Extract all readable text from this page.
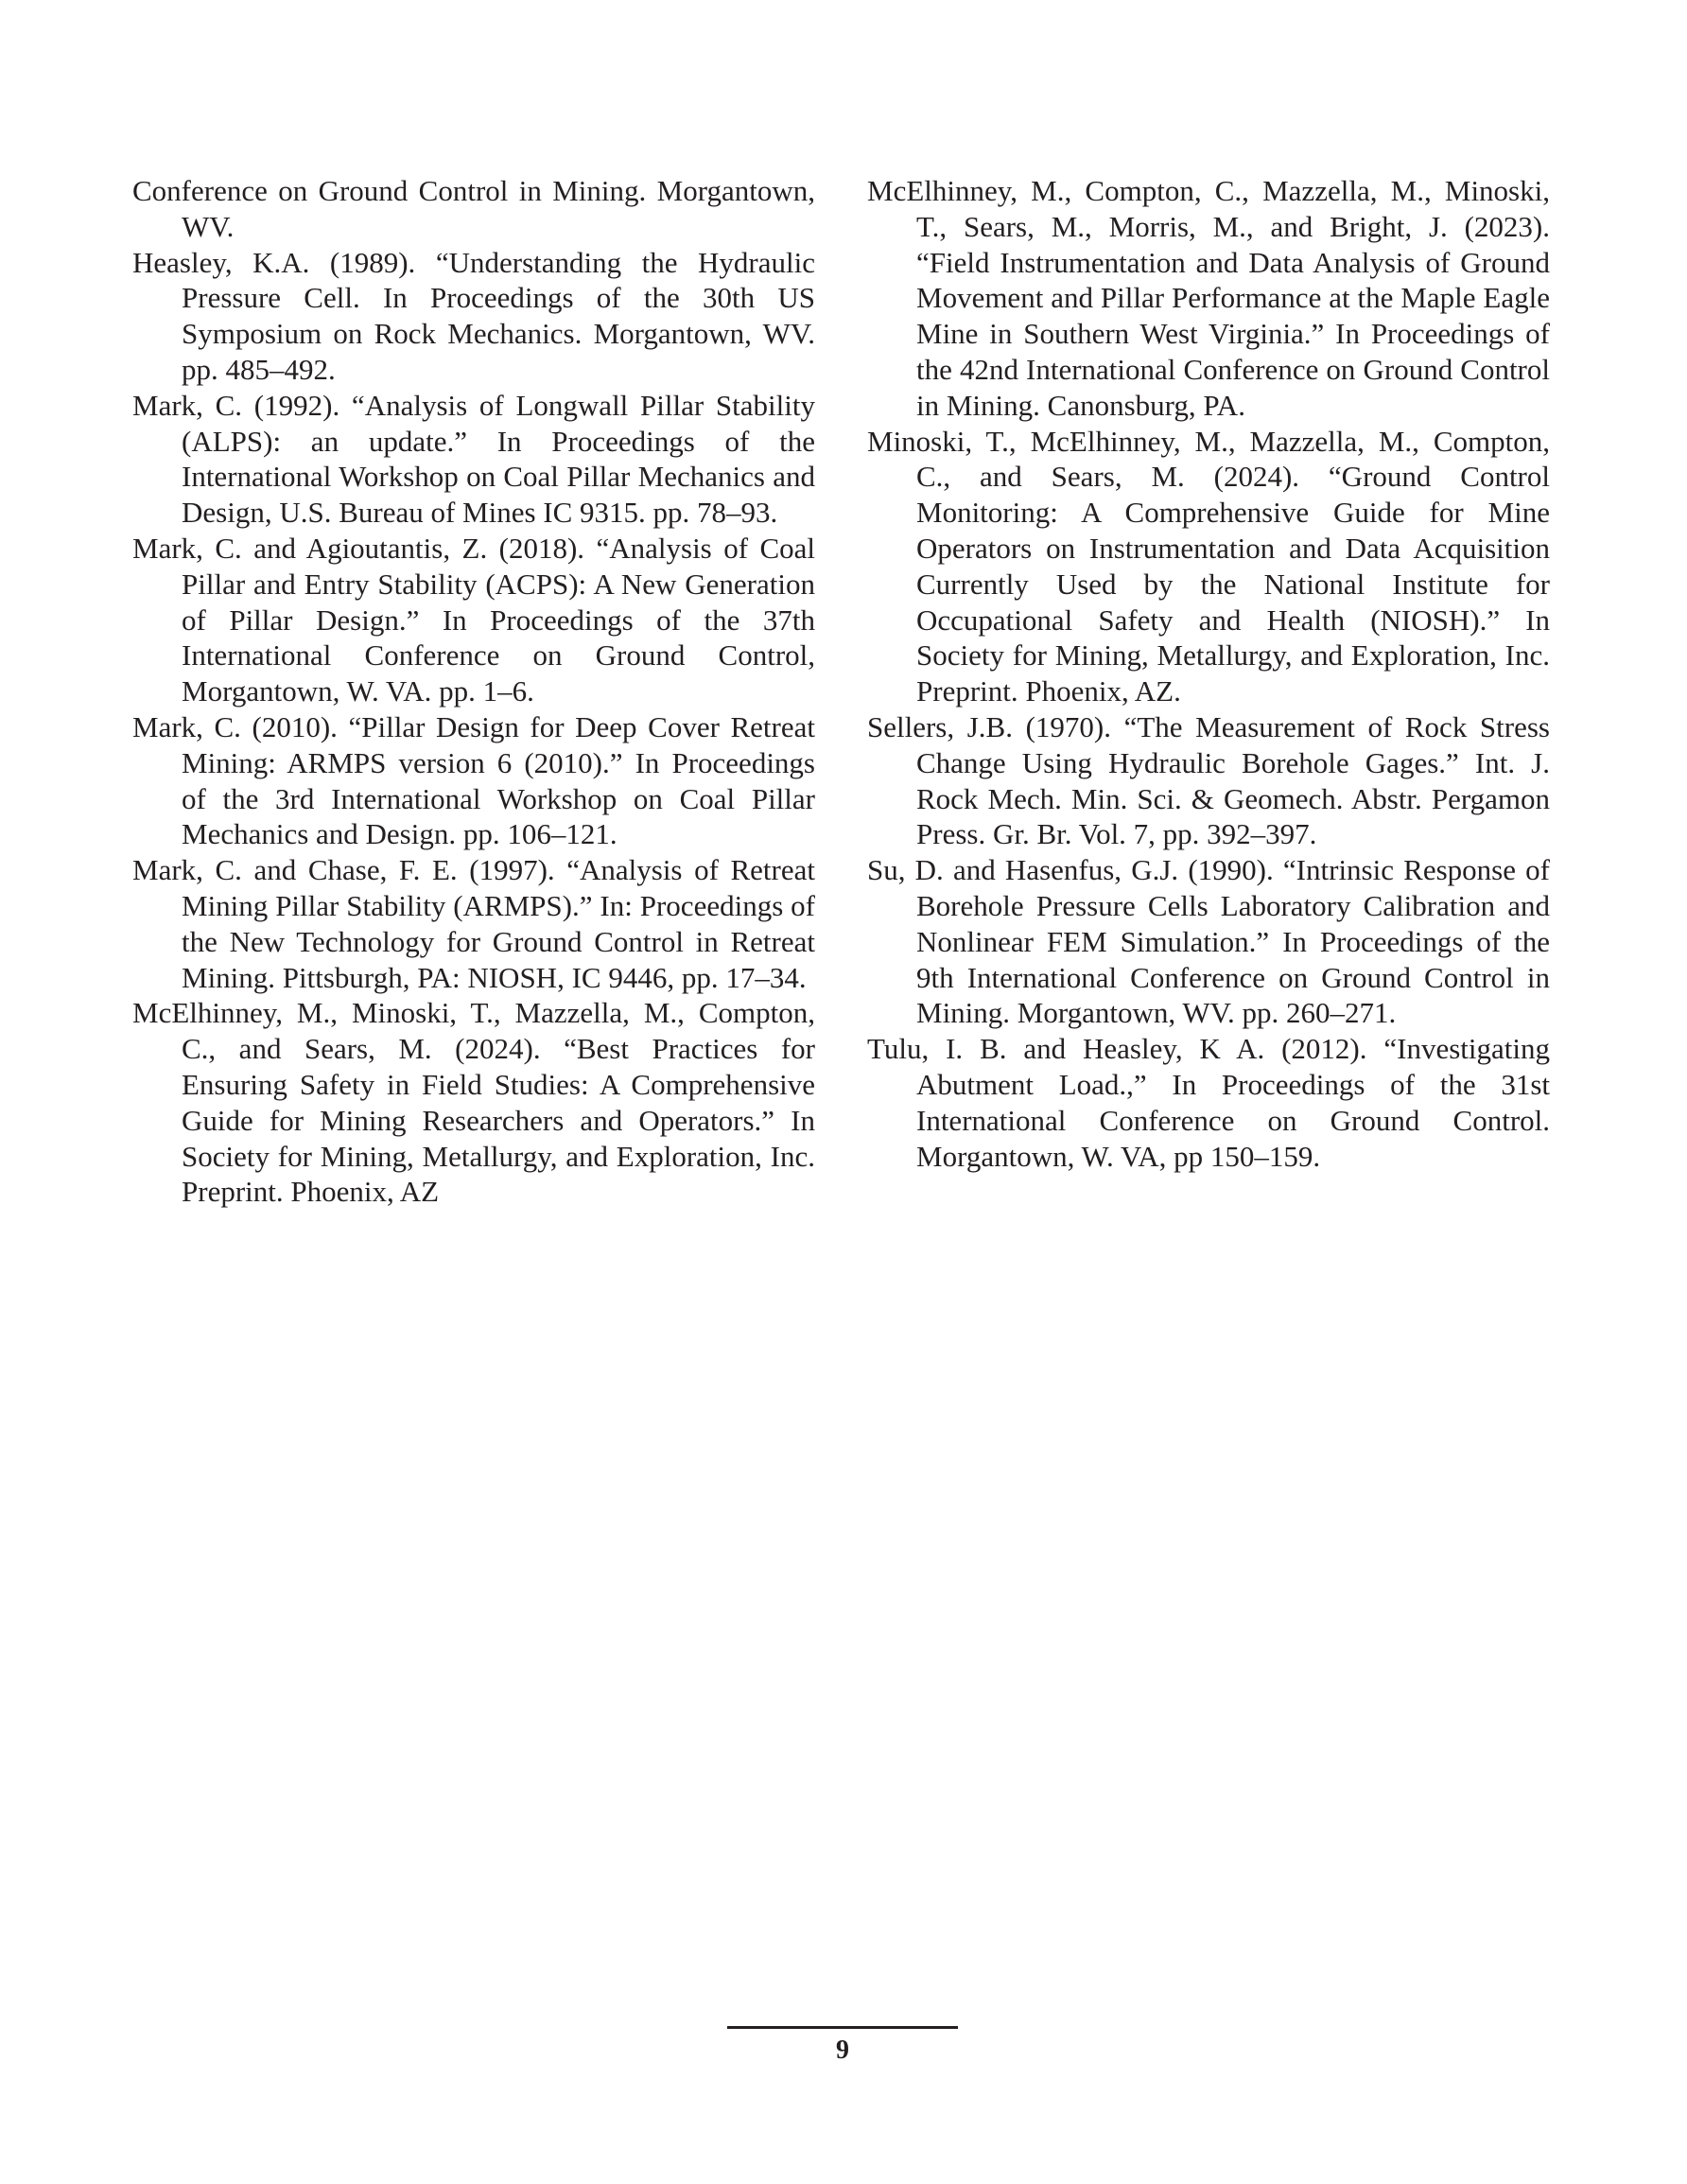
Conference on Ground Control in Mining. Morgantown, WV.

Heasley, K.A. (1989). “Understanding the Hydraulic Pressure Cell. In Proceedings of the 30th US Symposium on Rock Mechanics. Morgantown, WV. pp. 485–492.

Mark, C. (1992). “Analysis of Longwall Pillar Stability (ALPS): an update.” In Proceedings of the International Workshop on Coal Pillar Mechanics and Design, U.S. Bureau of Mines IC 9315. pp. 78–93.

Mark, C. and Agioutantis, Z. (2018). “Analysis of Coal Pillar and Entry Stability (ACPS): A New Generation of Pillar Design.” In Proceedings of the 37th International Conference on Ground Control, Morgantown, W. VA. pp. 1–6.

Mark, C. (2010). “Pillar Design for Deep Cover Retreat Mining: ARMPS version 6 (2010).” In Proceedings of the 3rd International Workshop on Coal Pillar Mechanics and Design. pp. 106–121.

Mark, C. and Chase, F. E. (1997). “Analysis of Retreat Mining Pillar Stability (ARMPS).” In: Proceedings of the New Technology for Ground Control in Retreat Mining. Pittsburgh, PA: NIOSH, IC 9446, pp. 17–34.

McElhinney, M., Minoski, T., Mazzella, M., Compton, C., and Sears, M. (2024). “Best Practices for Ensuring Safety in Field Studies: A Comprehensive Guide for Mining Researchers and Operators.” In Society for Mining, Metallurgy, and Exploration, Inc. Preprint. Phoenix, AZ

McElhinney, M., Compton, C., Mazzella, M., Minoski, T., Sears, M., Morris, M., and Bright, J. (2023). “Field Instrumentation and Data Analysis of Ground Movement and Pillar Performance at the Maple Eagle Mine in Southern West Virginia.” In Proceedings of the 42nd International Conference on Ground Control in Mining. Canonsburg, PA.

Minoski, T., McElhinney, M., Mazzella, M., Compton, C., and Sears, M. (2024). “Ground Control Monitoring: A Comprehensive Guide for Mine Operators on Instrumentation and Data Acquisition Currently Used by the National Institute for Occupational Safety and Health (NIOSH).” In Society for Mining, Metallurgy, and Exploration, Inc. Preprint. Phoenix, AZ.

Sellers, J.B. (1970). “The Measurement of Rock Stress Change Using Hydraulic Borehole Gages.” Int. J. Rock Mech. Min. Sci. & Geomech. Abstr. Pergamon Press. Gr. Br. Vol. 7, pp. 392–397.

Su, D. and Hasenfus, G.J. (1990). “Intrinsic Response of Borehole Pressure Cells Laboratory Calibration and Nonlinear FEM Simulation.” In Proceedings of the 9th International Conference on Ground Control in Mining. Morgantown, WV. pp. 260–271.

Tulu, I. B. and Heasley, K A. (2012). “Investigating Abutment Load.,” In Proceedings of the 31st International Conference on Ground Control. Morgantown, W. VA, pp 150–159.

9
